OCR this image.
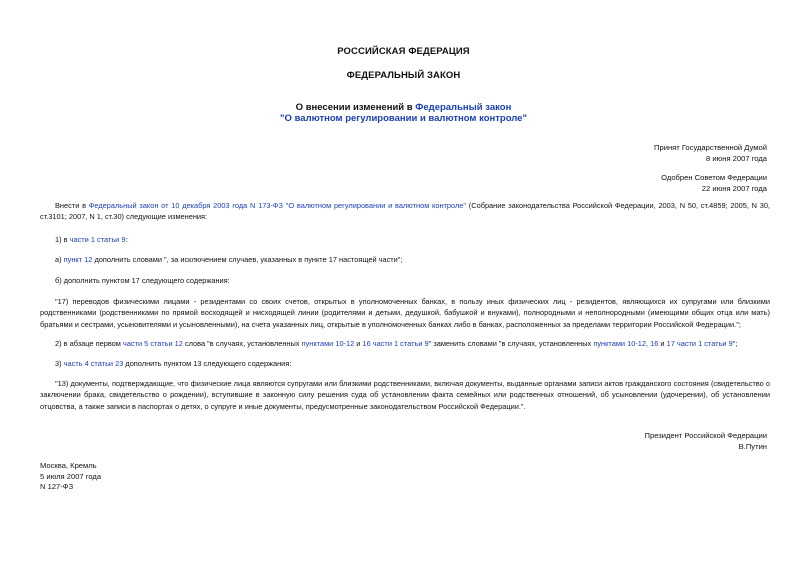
РОССИЙСКАЯ ФЕДЕРАЦИЯ
ФЕДЕРАЛЬНЫЙ ЗАКОН
О внесении изменений в Федеральный закон
"О валютном регулировании и валютном контроле"
Принят Государственной Думой
8 июня 2007 года
Одобрен Советом Федерации
22 июня 2007 года
Внести в Федеральный закон от 10 декабря 2003 года N 173-ФЗ "О валютном регулировании и валютном контроле" (Собрание законодательства Российской Федерации, 2003, N 50, ст.4859; 2005, N 30, ст.3101; 2007, N 1, ст.30) следующие изменения:
1) в части 1 статьи 9:
а) пункт 12 дополнить словами ", за исключением случаев, указанных в пункте 17 настоящей части";
б) дополнить пунктом 17 следующего содержания:
"17) переводов физическими лицами - резидентами со своих счетов, открытых в уполномоченных банках, в пользу иных физических лиц - резидентов, являющихся их супругами или близкими родственниками (родственниками по прямой восходящей и нисходящей линии (родителями и детьми, дедушкой, бабушкой и внуками), полнородными и неполнородными (имеющими общих отца или мать) братьями и сестрами, усыновителями и усыновленными), на счета указанных лиц, открытые в уполномоченных банках либо в банках, расположенных за пределами территории Российской Федерации.";
2) в абзаце первом части 5 статьи 12 слова "в случаях, установленных пунктами 10-12 и 16 части 1 статьи 9" заменить словами "в случаях, установленных пунктами 10-12, 16 и 17 части 1 статьи 9";
3) часть 4 статьи 23 дополнить пунктом 13 следующего содержания:
"13) документы, подтверждающие, что физические лица являются супругами или близкими родственниками, включая документы, выданные органами записи актов гражданского состояния (свидетельство о заключении брака, свидетельство о рождении), вступившие в законную силу решения суда об установлении факта семейных или родственных отношений, об усыновлении (удочерении), об установлении отцовства, а также записи в паспортах о детях, о супруге и иные документы, предусмотренные законодательством Российской Федерации.".
Президент Российской Федерации
В.Путин
Москва, Кремль
5 июля 2007 года
N 127-ФЗ
